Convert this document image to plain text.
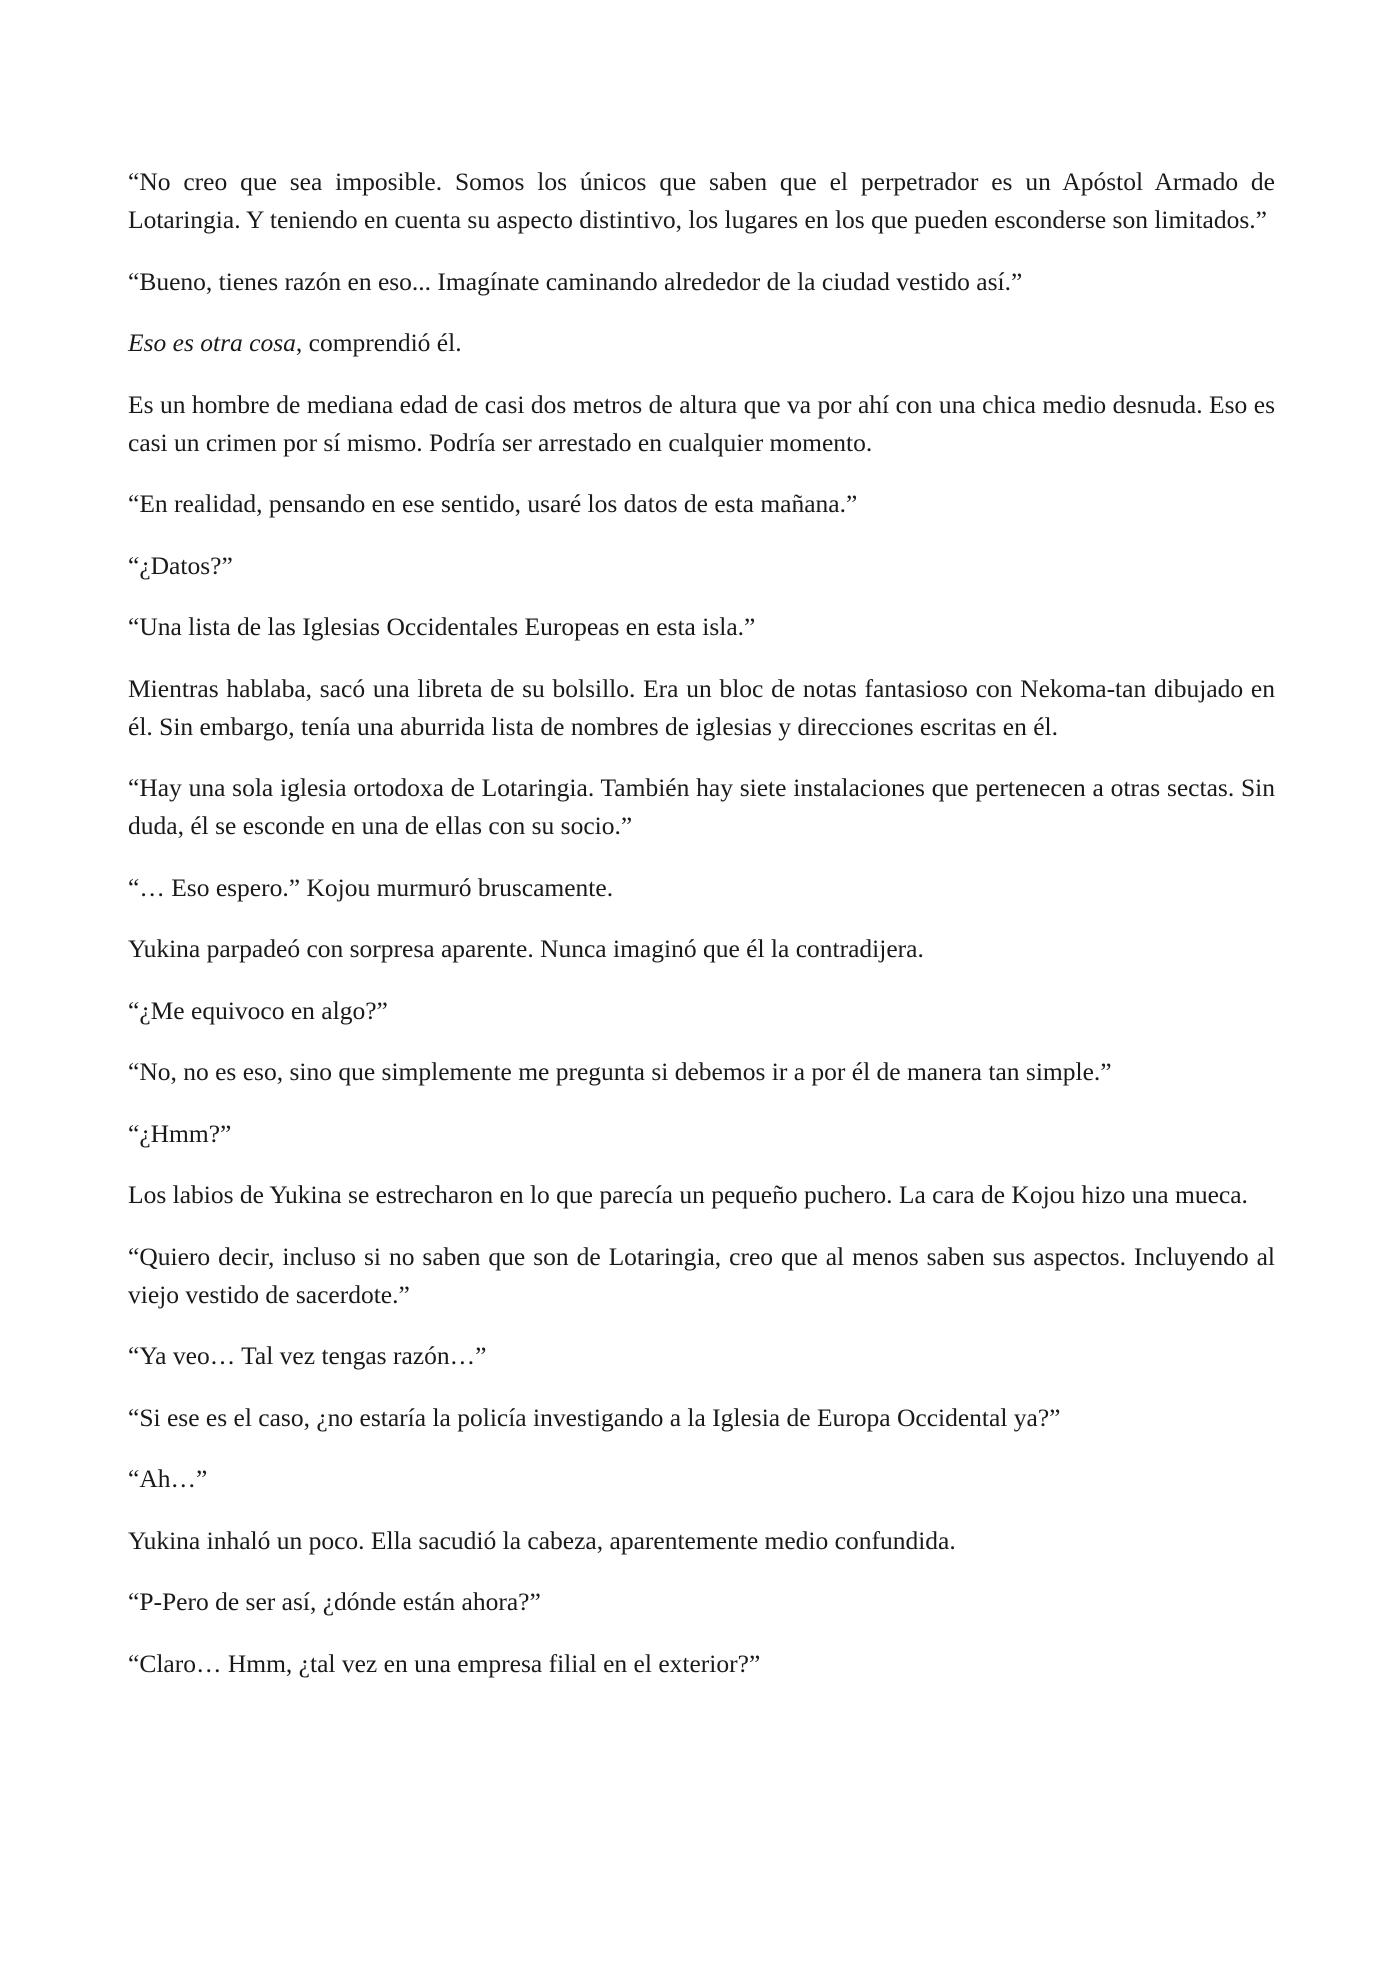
“No creo que sea imposible. Somos los únicos que saben que el perpetrador es un Apóstol Armado de Lotaringia. Y teniendo en cuenta su aspecto distintivo, los lugares en los que pueden esconderse son limitados.”

“Bueno, tienes razón en eso... Imagínate caminando alrededor de la ciudad vestido así.”

Eso es otra cosa, comprendió él.

Es un hombre de mediana edad de casi dos metros de altura que va por ahí con una chica medio desnuda. Eso es casi un crimen por sí mismo. Podría ser arrestado en cualquier momento.

“En realidad, pensando en ese sentido, usaré los datos de esta mañana.”

“¿Datos?”

“Una lista de las Iglesias Occidentales Europeas en esta isla.”

Mientras hablaba, sacó una libreta de su bolsillo. Era un bloc de notas fantasioso con Nekoma-tan dibujado en él. Sin embargo, tenía una aburrida lista de nombres de iglesias y direcciones escritas en él.

“Hay una sola iglesia ortodoxa de Lotaringia. También hay siete instalaciones que pertenecen a otras sectas. Sin duda, él se esconde en una de ellas con su socio.”

“… Eso espero.” Kojou murmuró bruscamente.

Yukina parpadeó con sorpresa aparente. Nunca imaginó que él la contradijera.

“¿Me equivoco en algo?”

“No, no es eso, sino que simplemente me pregunta si debemos ir a por él de manera tan simple.”

“¿Hmm?”

Los labios de Yukina se estrecharon en lo que parecía un pequeño puchero. La cara de Kojou hizo una mueca.

“Quiero decir, incluso si no saben que son de Lotaringia, creo que al menos saben sus aspectos. Incluyendo al viejo vestido de sacerdote.”

“Ya veo… Tal vez tengas razón…”

“Si ese es el caso, ¿no estaría la policía investigando a la Iglesia de Europa Occidental ya?”

“Ah…”

Yukina inhaló un poco. Ella sacudió la cabeza, aparentemente medio confundida.

“P-Pero de ser así, ¿dónde están ahora?”

“Claro… Hmm, ¿tal vez en una empresa filial en el exterior?”
